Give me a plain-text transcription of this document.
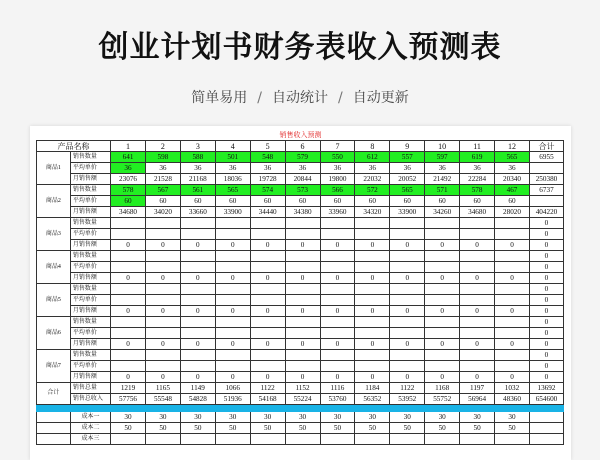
创业计划书财务表收入预测表
简单易用 / 自动统计 / 自动更新
销售收入预测
产品名称		1	2	3	4	5	6	7	8	9	10	11	12	合计
商品1	销售数量	641	598	588	501	548	579	550	612	557	597	619	565	6955
	平均单价	36	36	36	36	36	36	36	36	36	36	36	36	
	月销售额	23076	21528	21168	18036	19728	20844	19800	22032	20052	21492	22284	20340	250380
商品2	销售数量	578	567	561	565	574	573	566	572	565	571	578	467	6737
	平均单价	60	60	60	60	60	60	60	60	60	60	60	60	
	月销售额	34680	34020	33660	33900	34440	34380	33960	34320	33900	34260	34680	28020	404220
商品3	销售数量													0
	平均单价													0
	月销售额	0	0	0	0	0	0	0	0	0	0	0	0	0
商品4	销售数量													0
	平均单价													0
	月销售额	0	0	0	0	0	0	0	0	0	0	0	0	0
商品5	销售数量													0
	平均单价													0
	月销售额	0	0	0	0	0	0	0	0	0	0	0	0	0
商品6	销售数量													0
	平均单价													0
	月销售额	0	0	0	0	0	0	0	0	0	0	0	0	0
商品7	销售数量													0
	平均单价													0
	月销售额	0	0	0	0	0	0	0	0	0	0	0	0	0
合计	销售总量	1219	1165	1149	1066	1122	1152	1116	1184	1122	1168	1197	1032	13692
	销售总收入	57756	55548	54828	51936	54168	55224	53760	56352	53952	55752	56964	48360	654600

	成本一	30	30	30	30	30	30	30	30	30	30	30	30	
	成本二	50	50	50	50	50	50	50	50	50	50	50	50	
	成本三													
